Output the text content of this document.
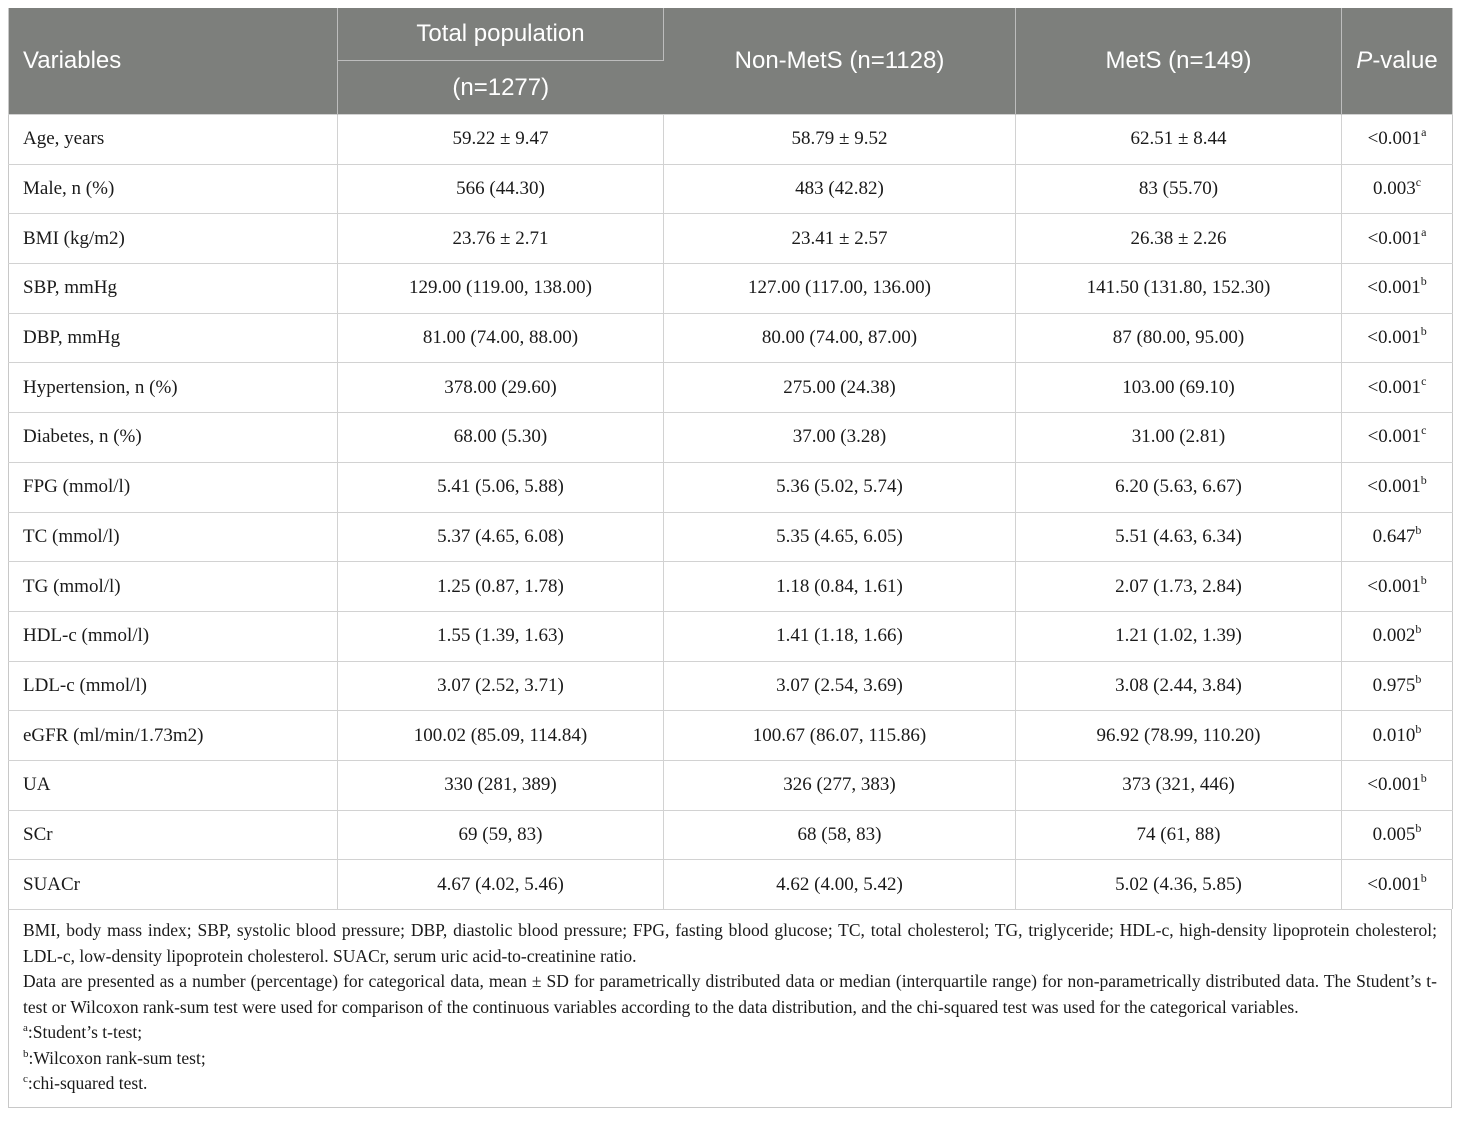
Variables	Total population	Non-MetS (n=1128)	MetS (n=149)	P-value
	(n=1277)			
Age, years	59.22 ± 9.47	58.79 ± 9.52	62.51 ± 8.44	<0.001$^a$
Male, n (%)	566 (44.30)	483 (42.82)	83 (55.70)	0.003$^c$
BMI (kg/m2)	23.76 ± 2.71	23.41 ± 2.57	26.38 ± 2.26	<0.001$^a$
SBP, mmHg	129.00 (119.00, 138.00)	127.00 (117.00, 136.00)	141.50 (131.80, 152.30)	<0.001$^b$
DBP, mmHg	81.00 (74.00, 88.00)	80.00 (74.00, 87.00)	87 (80.00, 95.00)	<0.001$^b$
Hypertension, n (%)	378.00 (29.60)	275.00 (24.38)	103.00 (69.10)	<0.001$^c$
Diabetes, n (%)	68.00 (5.30)	37.00 (3.28)	31.00 (2.81)	<0.001$^c$
FPG (mmol/l)	5.41 (5.06, 5.88)	5.36 (5.02, 5.74)	6.20 (5.63, 6.67)	<0.001$^b$
TC (mmol/l)	5.37 (4.65, 6.08)	5.35 (4.65, 6.05)	5.51 (4.63, 6.34)	0.647$^b$
TG (mmol/l)	1.25 (0.87, 1.78)	1.18 (0.84, 1.61)	2.07 (1.73, 2.84)	<0.001$^b$
HDL-c (mmol/l)	1.55 (1.39, 1.63)	1.41 (1.18, 1.66)	1.21 (1.02, 1.39)	0.002$^b$
LDL-c (mmol/l)	3.07 (2.52, 3.71)	3.07 (2.54, 3.69)	3.08 (2.44, 3.84)	0.975$^b$
eGFR (ml/min/1.73m2)	100.02 (85.09, 114.84)	100.67 (86.07, 115.86)	96.92 (78.99, 110.20)	0.010$^b$
UA	330 (281, 389)	326 (277, 383)	373 (321, 446)	<0.001$^b$
SCr	69 (59, 83)	68 (58, 83)	74 (61, 88)	0.005$^b$
SUACr	4.67 (4.02, 5.46)	4.62 (4.00, 5.42)	5.02 (4.36, 5.85)	<0.001$^b$

BMI, body mass index; SBP, systolic blood pressure; DBP, diastolic blood pressure; FPG, fasting blood glucose; TC, total cholesterol; TG, triglyceride; HDL-c, high-density lipoprotein cholesterol; LDL-c, low-density lipoprotein cholesterol. SUACr, serum uric acid-to-creatinine ratio.

Data are presented as a number (percentage) for categorical data, mean ± SD for parametrically distributed data or median (interquartile range) for non-parametrically distributed data. The Student’s t-test or Wilcoxon rank-sum test were used for comparison of the continuous variables according to the data distribution, and the chi-squared test was used for the categorical variables.

$^a$:Student’s t-test;

$^b$:Wilcoxon rank-sum test;

$^c$:chi-squared test.
